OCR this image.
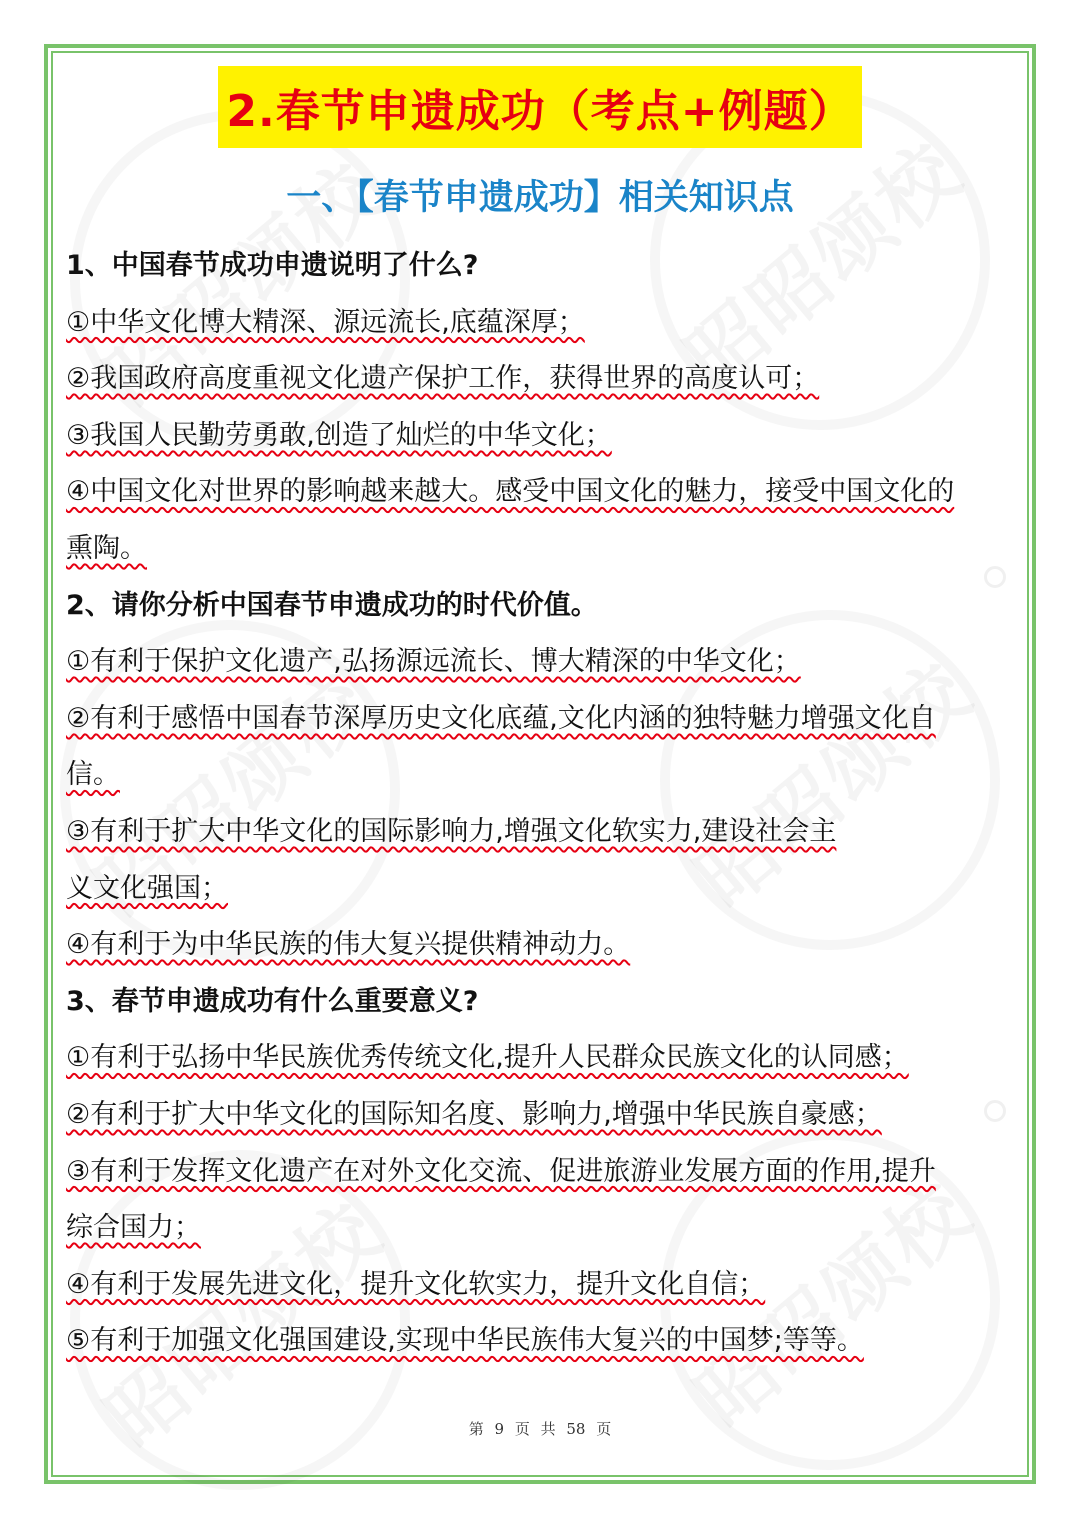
2.春节申遗成功（考点+例题）
一、【春节申遗成功】相关知识点
1、中国春节成功申遗说明了什么?
①中华文化博大精深、源远流长,底蕴深厚；
②我国政府高度重视文化遗产保护工作，获得世界的高度认可；
③我国人民勤劳勇敢,创造了灿烂的中华文化；
④中国文化对世界的影响越来越大。感受中国文化的魅力，接受中国文化的
熏陶。
2、请你分析中国春节申遗成功的时代价值。
①有利于保护文化遗产,弘扬源远流长、博大精深的中华文化；
②有利于感悟中国春节深厚历史文化底蕴,文化内涵的独特魅力增强文化自
信。
③有利于扩大中华文化的国际影响力,增强文化软实力,建设社会主
义文化强国；
④有利于为中华民族的伟大复兴提供精神动力。
3、春节申遗成功有什么重要意义?
①有利于弘扬中华民族优秀传统文化,提升人民群众民族文化的认同感；
②有利于扩大中华文化的国际知名度、影响力,增强中华民族自豪感；
③有利于发挥文化遗产在对外文化交流、促进旅游业发展方面的作用,提升
综合国力；
④有利于发展先进文化，提升文化软实力，提升文化自信；
⑤有利于加强文化强国建设,实现中华民族伟大复兴的中国梦;等等。
第 9 页 共 58 页
